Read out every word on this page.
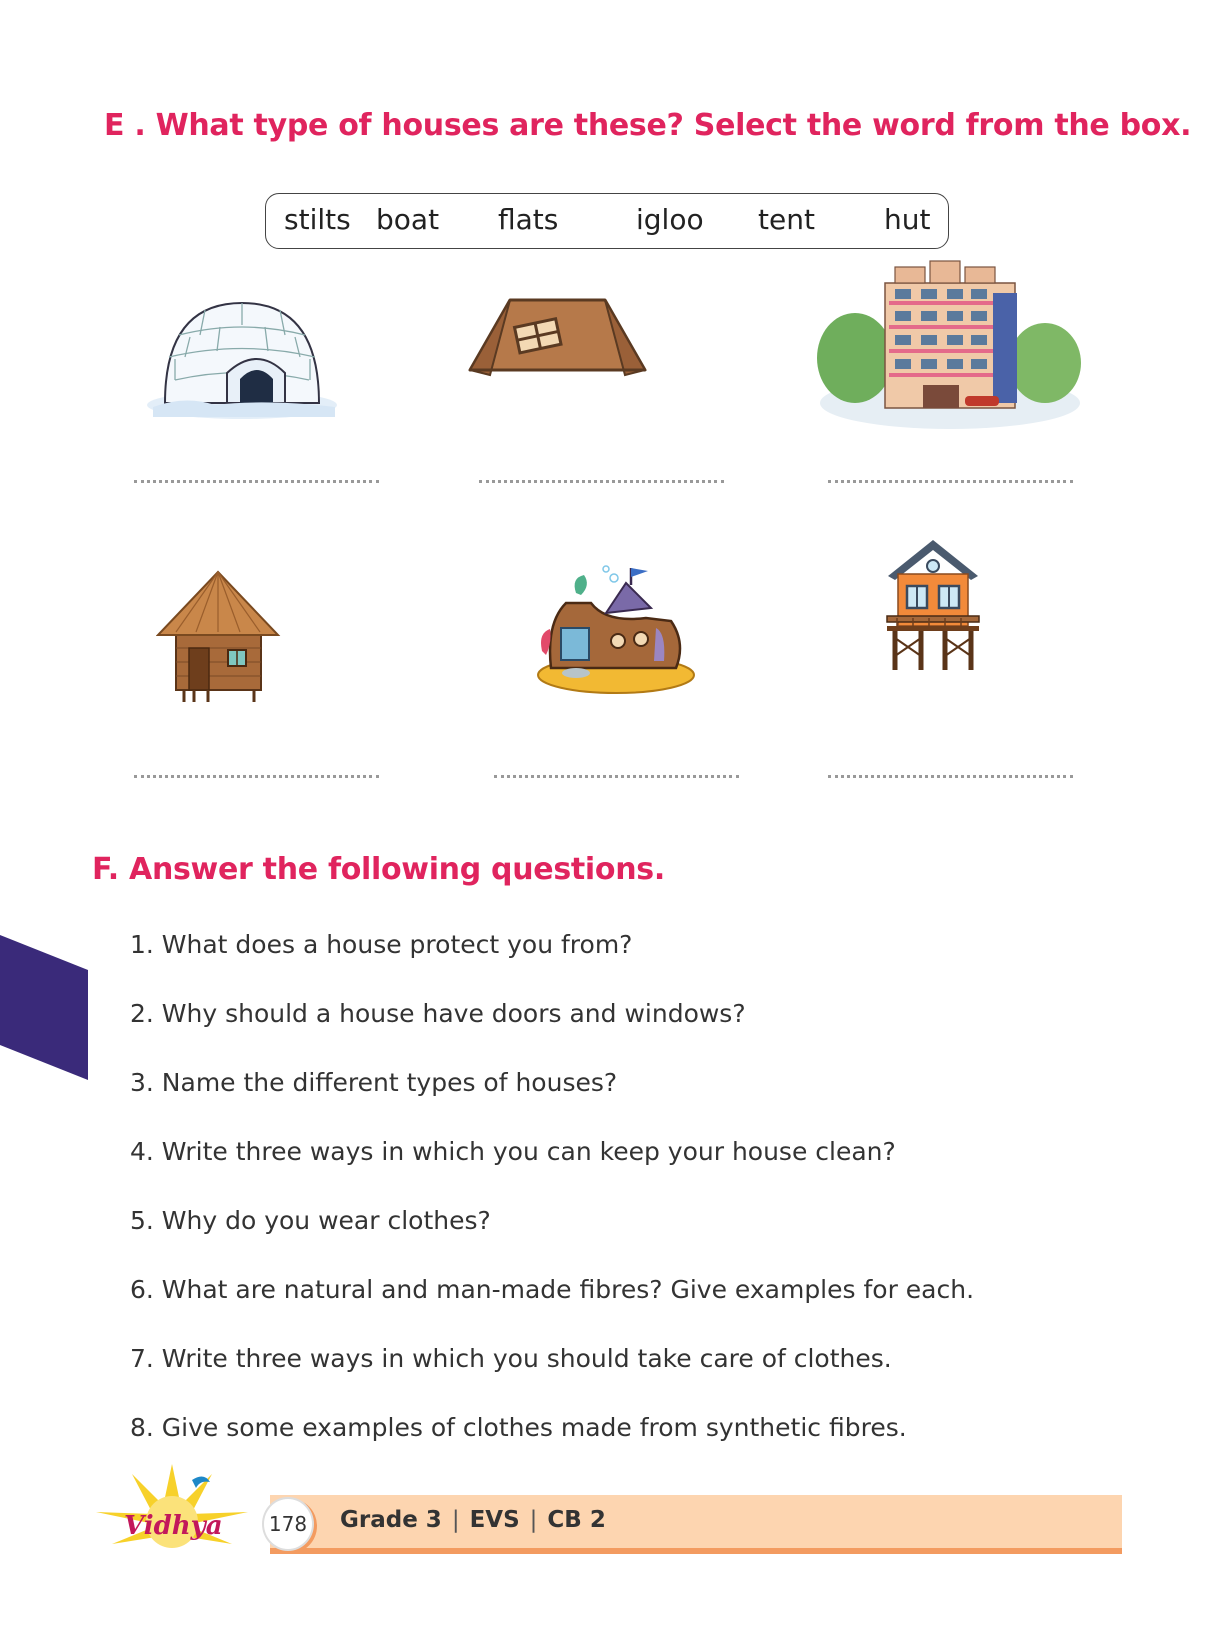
E . What type of houses are these? Select the word from the box.
stilts boat flats	igloo tent hut
F. Answer the following questions.
1. What does a house protect you from?
2. Why should a house have doors and windows?
3. Name the different types of houses?
4. Write three ways in which you can keep your house clean?
5. Why do you wear clothes?
6. What are natural and man-made fibres? Give examples for each.
7. Write three ways in which you should take care of clothes.
8. Give some examples of clothes made from synthetic fibres.
Vidhya	178	Grade 3 | EVS | CB 2
